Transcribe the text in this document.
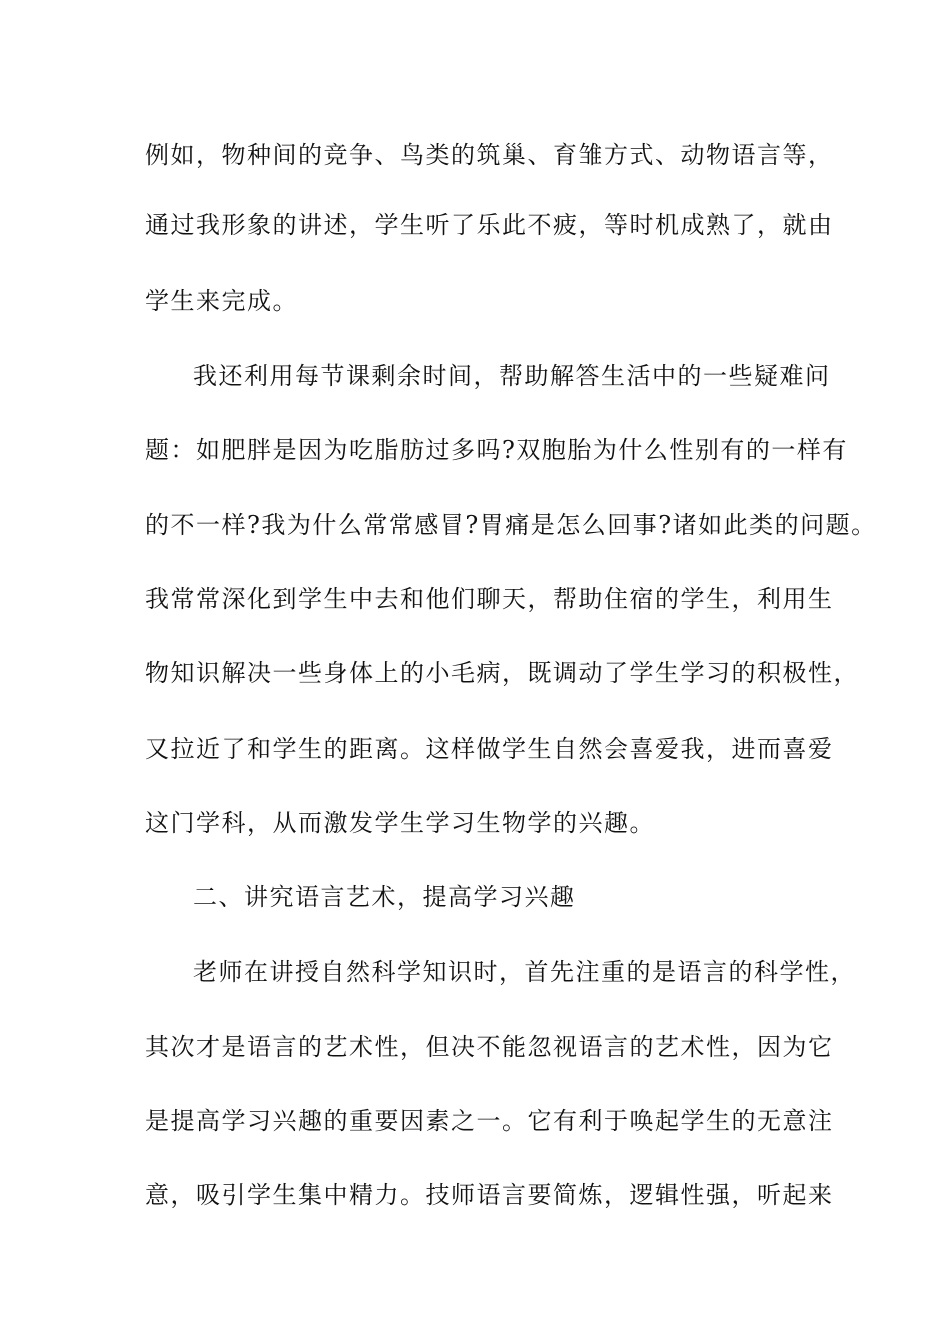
例如，物种间的竞争、鸟类的筑巢、育雏方式、动物语言等，
通过我形象的讲述，学生听了乐此不疲，等时机成熟了，就由
学生来完成。
我还利用每节课剩余时间，帮助解答生活中的一些疑难问
题：如肥胖是因为吃脂肪过多吗?双胞胎为什么性别有的一样有
的不一样?我为什么常常感冒?胃痛是怎么回事?诸如此类的问题。
我常常深化到学生中去和他们聊天，帮助住宿的学生，利用生
物知识解决一些身体上的小毛病，既调动了学生学习的积极性，
又拉近了和学生的距离。这样做学生自然会喜爱我，进而喜爱
这门学科，从而激发学生学习生物学的兴趣。
二、讲究语言艺术，提高学习兴趣
老师在讲授自然科学知识时，首先注重的是语言的科学性，
其次才是语言的艺术性，但决不能忽视语言的艺术性，因为它
是提高学习兴趣的重要因素之一。它有利于唤起学生的无意注
意，吸引学生集中精力。技师语言要简炼，逻辑性强，听起来
